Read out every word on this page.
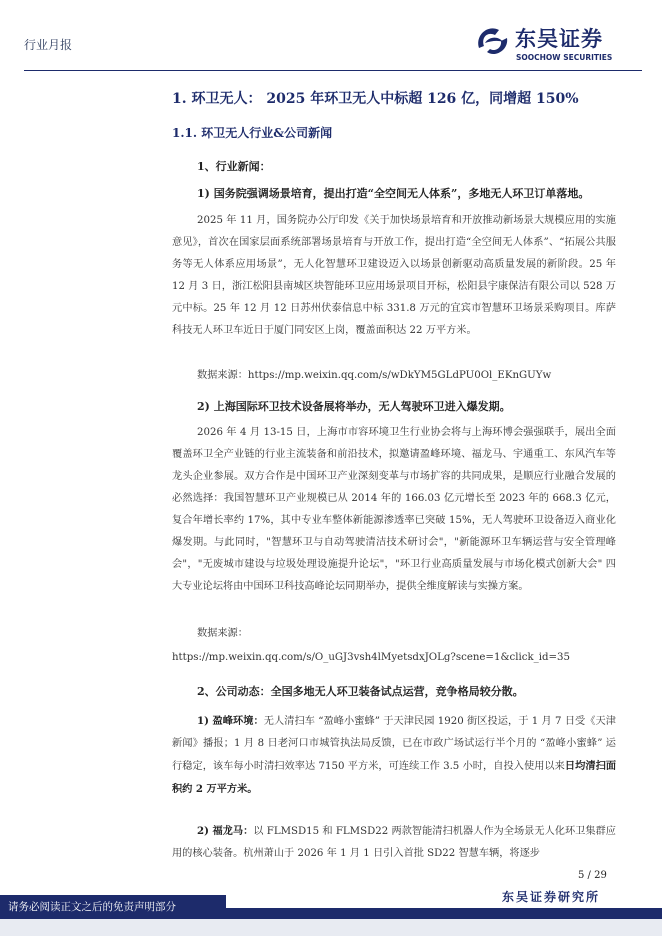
行业月报	东吴证券
SOOCHOW SECURITIES
1. 环卫无人： 2025 年环卫无人中标超 126 亿，同增超 150%
1.1. 环卫无人行业&公司新闻
1、行业新闻：
1) 国务院强调场景培育，提出打造“全空间无人体系”，多地无人环卫订单落地。
2025 年 11 月，国务院办公厅印发《关于加快场景培育和开放推动新场景大规模应用的实施意见》，首次在国家层面系统部署场景培育与开放工作，提出打造“全空间无人体系”、“拓展公共服务等无人体系应用场景”，无人化智慧环卫建设迈入以场景创新驱动高质量发展的新阶段。25 年 12 月 3 日，浙江松阳县南城区块智能环卫应用场景项目开标，松阳县宇康保洁有限公司以 528 万元中标。25 年 12 月 12 日苏州伏泰信息中标 331.8 万元的宜宾市智慧环卫场景采购项目。库萨科技无人环卫车近日于厦门同安区上岗，覆盖面积达 22 万平方米。
数据来源：https://mp.weixin.qq.com/s/wDkYM5GLdPU0Ol_EKnGUYw
2) 上海国际环卫技术设备展将举办，无人驾驶环卫进入爆发期。
2026 年 4 月 13-15 日，上海市市容环境卫生行业协会将与上海环博会强强联手，展出全面覆盖环卫全产业链的行业主流装备和前沿技术，拟邀请盈峰环境、福龙马、宇通重工、东风汽车等龙头企业参展。双方合作是中国环卫产业深刻变革与市场扩容的共同成果，是顺应行业融合发展的必然选择：我国智慧环卫产业规模已从 2014 年的 166.03 亿元增长至 2023 年的 668.3 亿元，复合年增长率约 17%，其中专业车整体新能源渗透率已突破 15%，无人驾驶环卫设备迈入商业化爆发期。与此同时，"智慧环卫与自动驾驶清洁技术研讨会"，"新能源环卫车辆运营与安全管理峰会"，"无废城市建设与垃圾处理设施提升论坛"，"环卫行业高质量发展与市场化模式创新大会" 四大专业论坛将由中国环卫科技高峰论坛同期举办，提供全维度解读与实操方案。
数据来源：
https://mp.weixin.qq.com/s/O_uGJ3vsh4lMyetsdxJOLg?scene=1&click_id=35
2、公司动态：全国多地无人环卫装备试点运营，竞争格局较分散。
1) 盈峰环境：无人清扫车 “盈峰小蜜蜂” 于天津民园 1920 街区投运，于 1 月 7 日受《天津新闻》播报；1 月 8 日老河口市城管执法局反馈，已在市政广场试运行半个月的 “盈峰小蜜蜂” 运行稳定，该车每小时清扫效率达 7150 平方米，可连续工作 3.5 小时，自投入使用以来日均清扫面积约 2 万平方米。
2) 福龙马：以 FLMSD15 和 FLMSD22 两款智能清扫机器人作为全场景无人化环卫集群应用的核心装备。杭州萧山于 2026 年 1 月 1 日引入首批 SD22 智慧车辆，将逐步
5 / 29
东吴证券研究所
请务必阅读正文之后的免责声明部分
